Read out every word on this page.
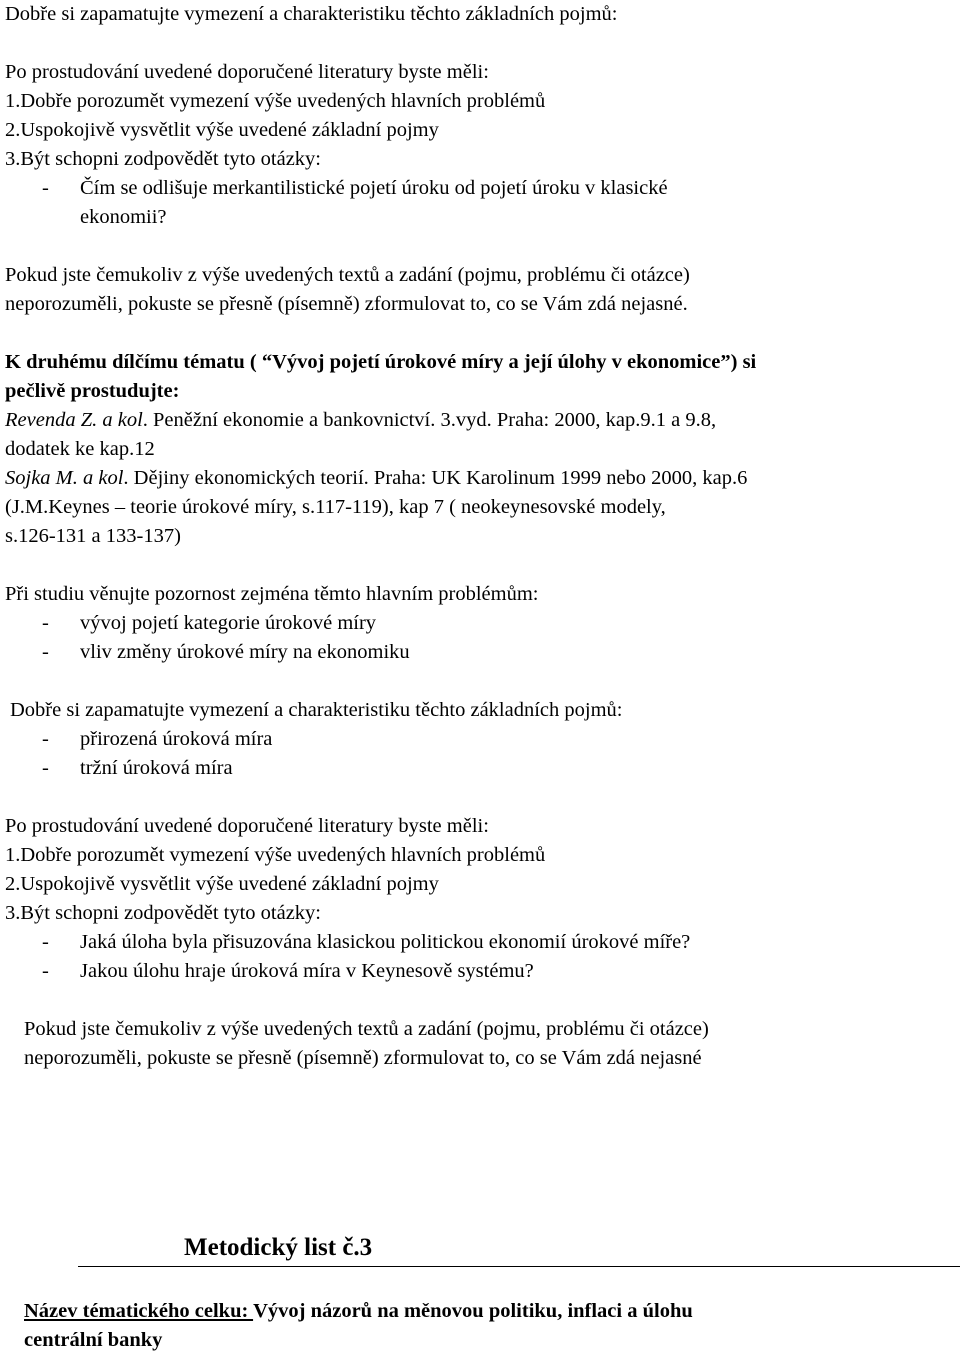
Dobře si zapamatujte vymezení a charakteristiku těchto základních pojmů:
Po prostudování uvedené doporučené literatury byste měli:
1.Dobře porozumět vymezení výše uvedených hlavních problémů
2.Uspokojivě vysvětlit výše uvedené základní pojmy
3.Být schopni zodpovědět tyto otázky:
- Čím se odlišuje merkantilistické pojetí úroku od pojetí úroku v klasické
ekonomii?
Pokud jste čemukoliv z výše uvedených textů a zadání (pojmu, problému či otázce)
neporozuměli, pokuste se přesně (písemně) zformulovat to, co se Vám zdá nejasné.
K druhému dílčímu tématu ( “Vývoj pojetí úrokové míry a její úlohy v ekonomice”) si
pečlivě prostudujte:
Revenda Z. a kol. Peněžní ekonomie a bankovnictví. 3.vyd. Praha: 2000, kap.9.1 a 9.8,
dodatek ke kap.12
Sojka M. a kol. Dějiny ekonomických teorií. Praha: UK Karolinum 1999 nebo 2000, kap.6
(J.M.Keynes – teorie úrokové míry, s.117-119), kap 7 ( neokeynesovské modely,
s.126-131 a 133-137)
Při studiu věnujte pozornost zejména těmto hlavním problémům:
- vývoj pojetí kategorie úrokové míry
- vliv změny úrokové míry na ekonomiku
Dobře si zapamatujte vymezení a charakteristiku těchto základních pojmů:
- přirozená úroková míra
- tržní úroková míra
Po prostudování uvedené doporučené literatury byste měli:
1.Dobře porozumět vymezení výše uvedených hlavních problémů
2.Uspokojivě vysvětlit výše uvedené základní pojmy
3.Být schopni zodpovědět tyto otázky:
- Jaká úloha byla přisuzována klasickou politickou ekonomií úrokové míře?
- Jakou úlohu hraje úroková míra v Keynesově systému?
Pokud jste čemukoliv z výše uvedených textů a zadání (pojmu, problému či otázce)
neporozuměli, pokuste se přesně (písemně) zformulovat to, co se Vám zdá nejasné
Metodický list č.3
Název tématického celku: Vývoj názorů na měnovou politiku, inflaci a úlohu
centrální banky
